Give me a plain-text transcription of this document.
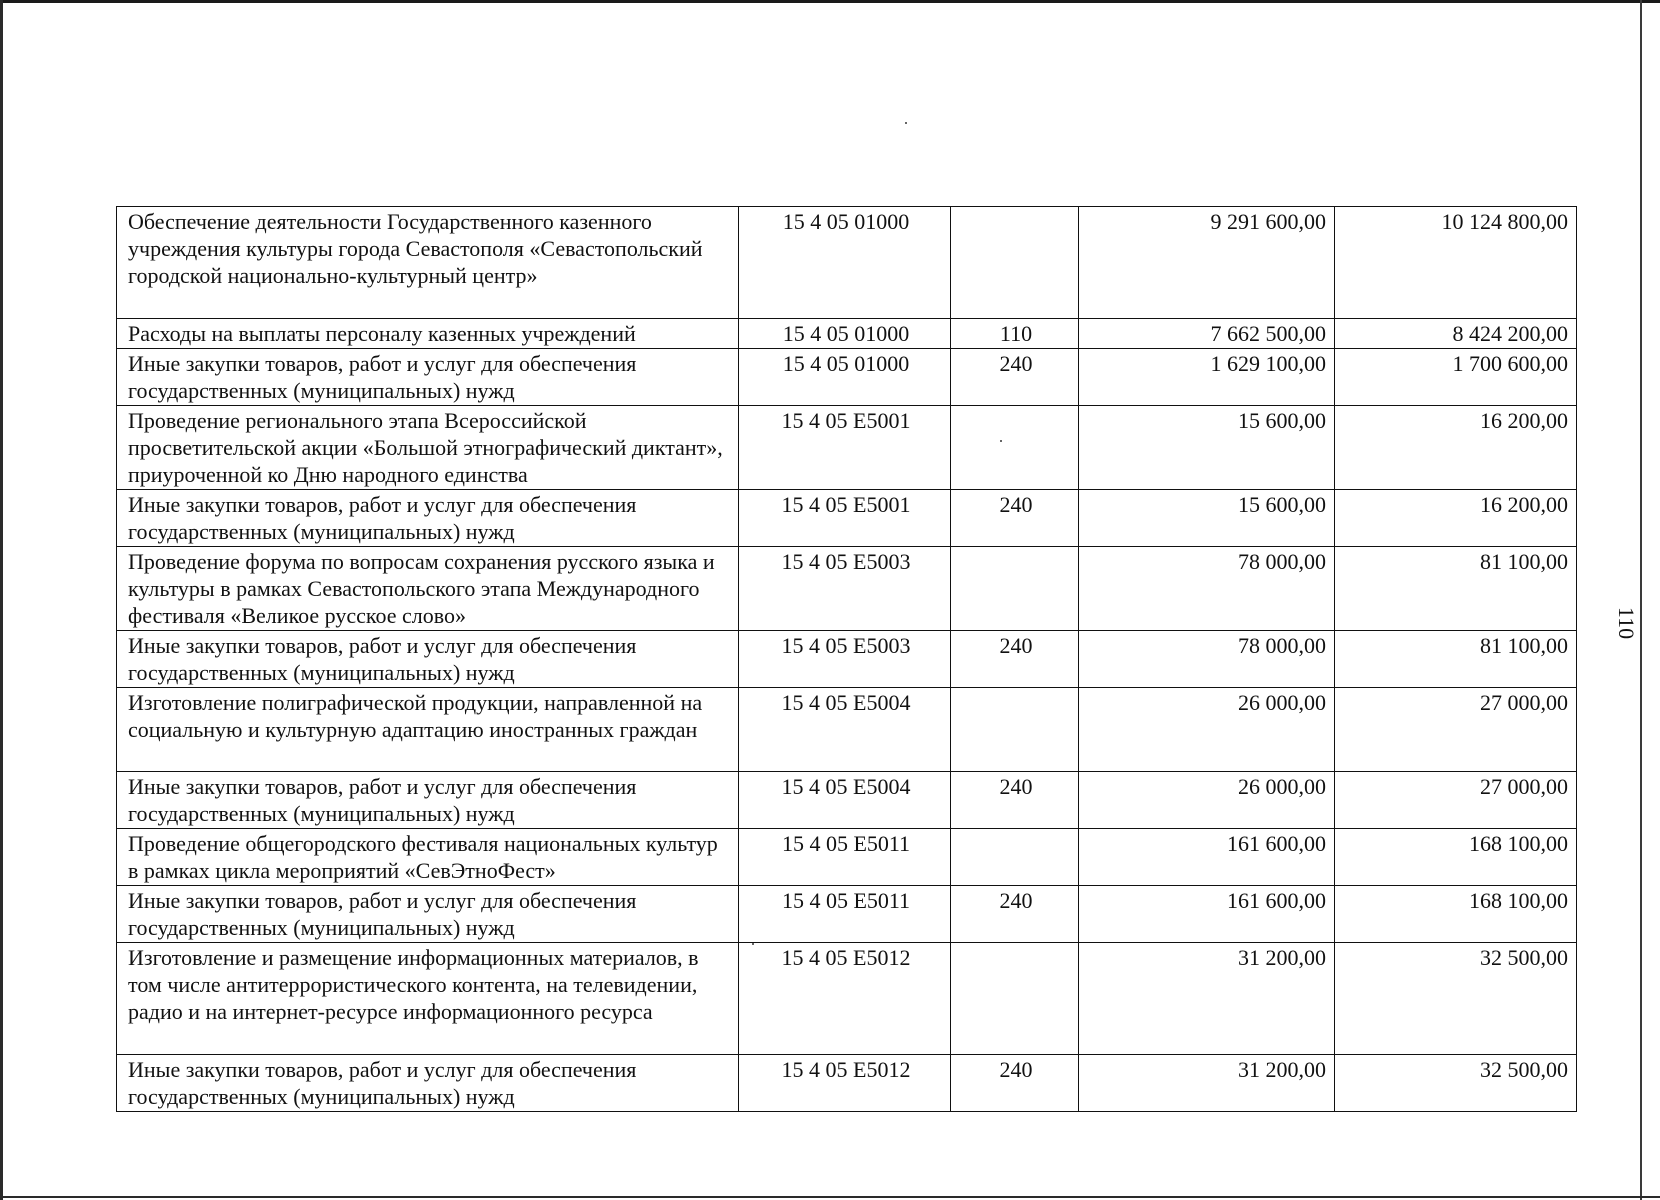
Обеспечение деятельности Государственного казенного учреждения культуры города Севастополя «Севастопольский городской национально-культурный центр»	15 4 05 01000		9 291 600,00	10 124 800,00
Расходы на выплаты персоналу казенных учреждений	15 4 05 01000	110	7 662 500,00	8 424 200,00
Иные закупки товаров, работ и услуг для обеспечения государственных (муниципальных) нужд	15 4 05 01000	240	1 629 100,00	1 700 600,00
Проведение регионального этапа Всероссийской просветительской акции «Большой этнографический диктант», приуроченной ко Дню народного единства	15 4 05 E5001		15 600,00	16 200,00
Иные закупки товаров, работ и услуг для обеспечения государственных (муниципальных) нужд	15 4 05 E5001	240	15 600,00	16 200,00
Проведение форума по вопросам сохранения русского языка и культуры в рамках Севастопольского этапа Международного фестиваля «Великое русское слово»	15 4 05 E5003		78 000,00	81 100,00
Иные закупки товаров, работ и услуг для обеспечения государственных (муниципальных) нужд	15 4 05 E5003	240	78 000,00	81 100,00
Изготовление полиграфической продукции, направленной на социальную и культурную адаптацию иностранных граждан	15 4 05 E5004		26 000,00	27 000,00
Иные закупки товаров, работ и услуг для обеспечения государственных (муниципальных) нужд	15 4 05 E5004	240	26 000,00	27 000,00
Проведение общегородского фестиваля национальных культур в рамках цикла мероприятий «СевЭтноФест»	15 4 05 E5011		161 600,00	168 100,00
Иные закупки товаров, работ и услуг для обеспечения государственных (муниципальных) нужд	15 4 05 E5011	240	161 600,00	168 100,00
Изготовление и размещение информационных материалов, в том числе антитеррористического контента, на телевидении, радио и на интернет-ресурсе информационного ресурса	15 4 05 E5012		31 200,00	32 500,00
Иные закупки товаров, работ и услуг для обеспечения государственных (муниципальных) нужд	15 4 05 E5012	240	31 200,00	32 500,00
110
